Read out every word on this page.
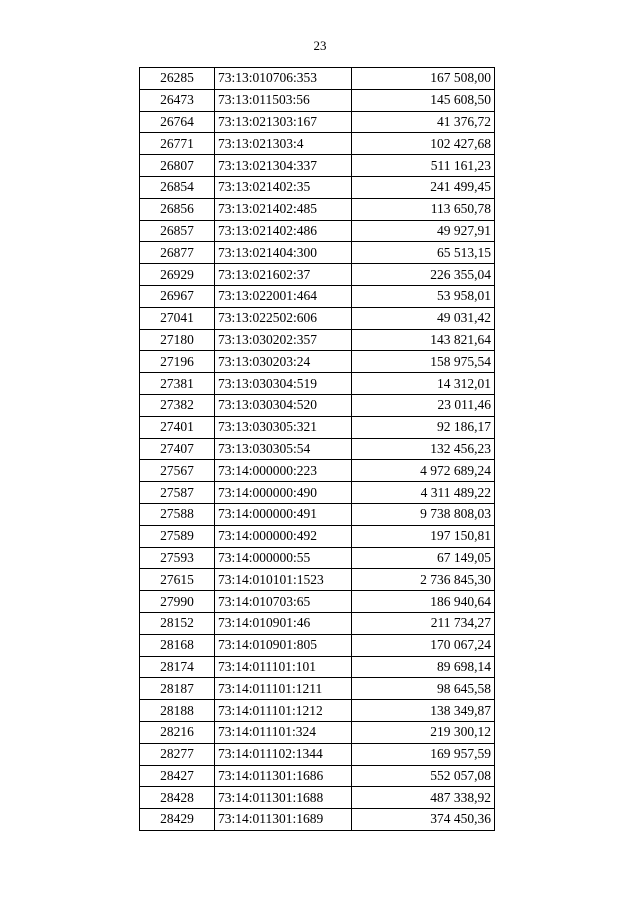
23
26285	73:13:010706:353	167 508,00
26473	73:13:011503:56	145 608,50
26764	73:13:021303:167	41 376,72
26771	73:13:021303:4	102 427,68
26807	73:13:021304:337	511 161,23
26854	73:13:021402:35	241 499,45
26856	73:13:021402:485	113 650,78
26857	73:13:021402:486	49 927,91
26877	73:13:021404:300	65 513,15
26929	73:13:021602:37	226 355,04
26967	73:13:022001:464	53 958,01
27041	73:13:022502:606	49 031,42
27180	73:13:030202:357	143 821,64
27196	73:13:030203:24	158 975,54
27381	73:13:030304:519	14 312,01
27382	73:13:030304:520	23 011,46
27401	73:13:030305:321	92 186,17
27407	73:13:030305:54	132 456,23
27567	73:14:000000:223	4 972 689,24
27587	73:14:000000:490	4 311 489,22
27588	73:14:000000:491	9 738 808,03
27589	73:14:000000:492	197 150,81
27593	73:14:000000:55	67 149,05
27615	73:14:010101:1523	2 736 845,30
27990	73:14:010703:65	186 940,64
28152	73:14:010901:46	211 734,27
28168	73:14:010901:805	170 067,24
28174	73:14:011101:101	89 698,14
28187	73:14:011101:1211	98 645,58
28188	73:14:011101:1212	138 349,87
28216	73:14:011101:324	219 300,12
28277	73:14:011102:1344	169 957,59
28427	73:14:011301:1686	552 057,08
28428	73:14:011301:1688	487 338,92
28429	73:14:011301:1689	374 450,36
